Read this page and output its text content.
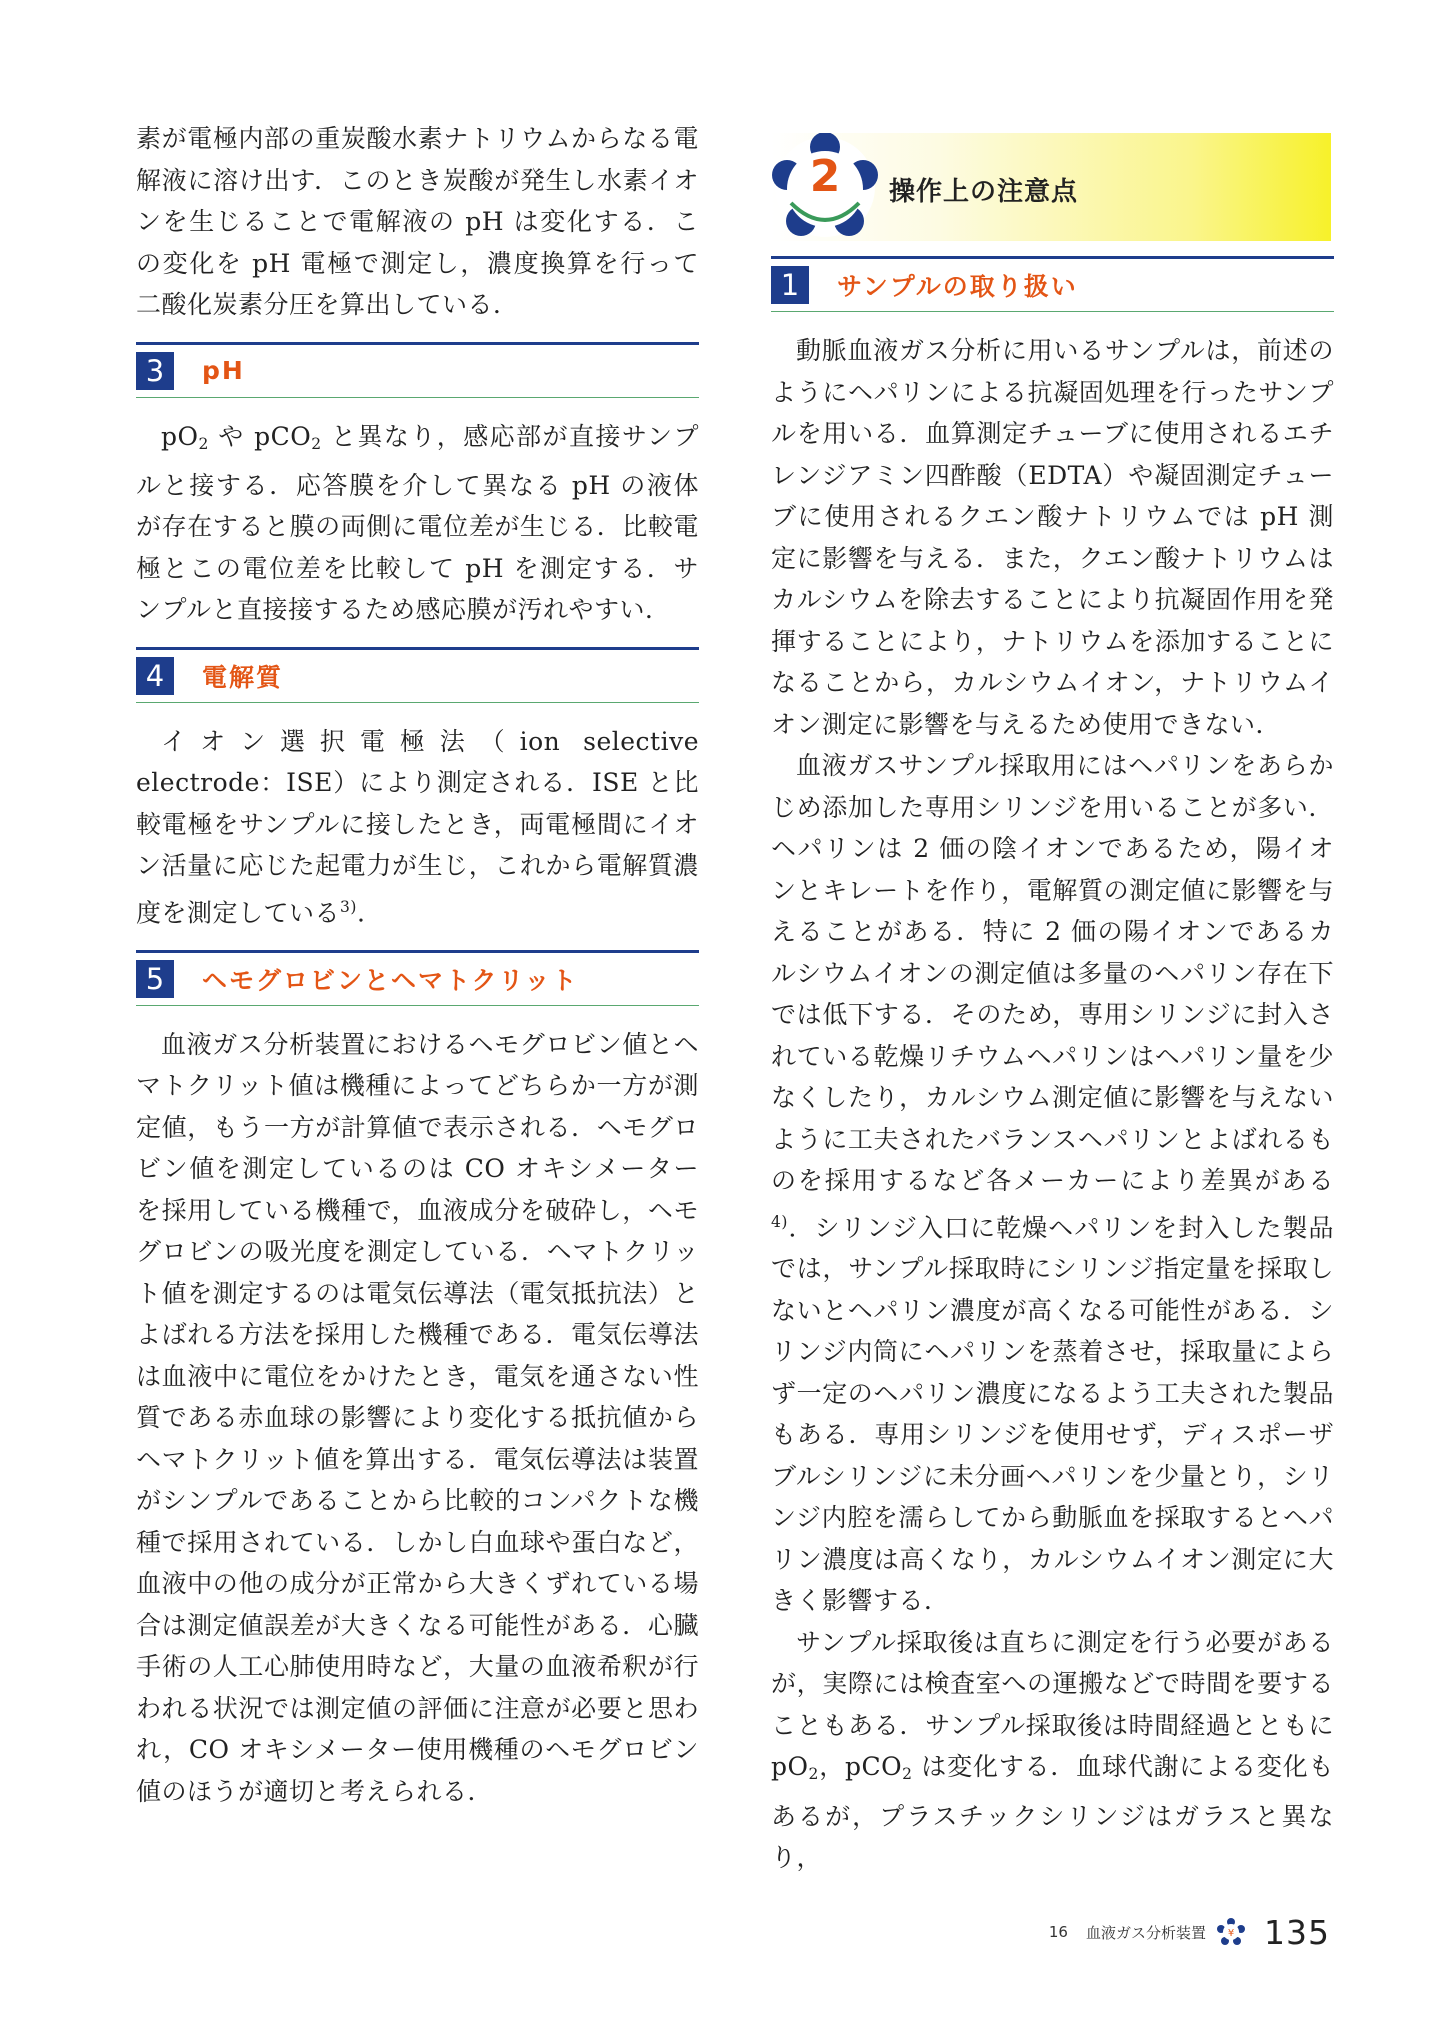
素が電極内部の重炭酸水素ナトリウムからなる電解液に溶け出す．このとき炭酸が発生し水素イオンを生じることで電解液の pH は変化する．この変化を pH 電極で測定し，濃度換算を行って二酸化炭素分圧を算出している．

3	pH

$pO_2$ や pCO$_2$ と異なり，感応部が直接サンプルと接する．応答膜を介して異なる pH の液体が存在すると膜の両側に電位差が生じる．比較電極とこの電位差を比較して pH を測定する．サンプルと直接接するため感応膜が汚れやすい．

4	電解質

イオン選択電極法（ion selective electrode：ISE）により測定される．ISE と比較電極をサンプルに接したとき，両電極間にイオン活量に応じた起電力が生じ，これから電解質濃度を測定している$^{3)}$.

5	ヘモグロビンとヘマトクリット

血液ガス分析装置におけるヘモグロビン値とヘマトクリット値は機種によってどちらか一方が測定値，もう一方が計算値で表示される．ヘモグロビン値を測定しているのは CO オキシメーターを採用している機種で，血液成分を破砕し，ヘモグロビンの吸光度を測定している．ヘマトクリット値を測定するのは電気伝導法（電気抵抗法）とよばれる方法を採用した機種である．電気伝導法は血液中に電位をかけたとき，電気を通さない性質である赤血球の影響により変化する抵抗値からヘマトクリット値を算出する．電気伝導法は装置がシンプルであることから比較的コンパクトな機種で採用されている．しかし白血球や蛋白など，血液中の他の成分が正常から大きくずれている場合は測定値誤差が大きくなる可能性がある．心臓手術の人工心肺使用時など，大量の血液希釈が行われる状況では測定値の評価に注意が必要と思われ，CO オキシメーター使用機種のヘモグロビン値のほうが適切と考えられる．

2	操作上の注意点
1	サンプルの取り扱い

動脈血液ガス分析に用いるサンプルは，前述のようにヘパリンによる抗凝固処理を行ったサンプルを用いる．血算測定チューブに使用されるエチレンジアミン四酢酸（EDTA）や凝固測定チューブに使用されるクエン酸ナトリウムでは pH 測定に影響を与える．また，クエン酸ナトリウムはカルシウムを除去することにより抗凝固作用を発揮することにより，ナトリウムを添加することになることから，カルシウムイオン，ナトリウムイオン測定に影響を与えるため使用できない．

血液ガスサンプル採取用にはヘパリンをあらかじめ添加した専用シリンジを用いることが多い．ヘパリンは 2 価の陰イオンであるため，陽イオンとキレートを作り，電解質の測定値に影響を与えることがある．特に 2 価の陽イオンであるカルシウムイオンの測定値は多量のヘパリン存在下では低下する．そのため，専用シリンジに封入されている乾燥リチウムヘパリンはヘパリン量を少なくしたり，カルシウム測定値に影響を与えないように工夫されたバランスヘパリンとよばれるものを採用するなど各メーカーにより差異がある$^{4)}$．シリンジ入口に乾燥ヘパリンを封入した製品では，サンプル採取時にシリンジ指定量を採取しないとヘパリン濃度が高くなる可能性がある．シリンジ内筒にヘパリンを蒸着させ，採取量によらず一定のヘパリン濃度になるよう工夫された製品もある．専用シリンジを使用せず，ディスポーザブルシリンジに未分画ヘパリンを少量とり，シリンジ内腔を濡らしてから動脈血を採取するとヘパリン濃度は高くなり，カルシウムイオン測定に大きく影響する．

サンプル採取後は直ちに測定を行う必要があるが，実際には検査室への運搬などで時間を要することもある．サンプル採取後は時間経過とともに $pO_2$，pCO$_2$ は変化する．血球代謝による変化もあるが，プラスチックシリンジはガラスと異なり，

16 血液ガス分析装置 ¥ 135
